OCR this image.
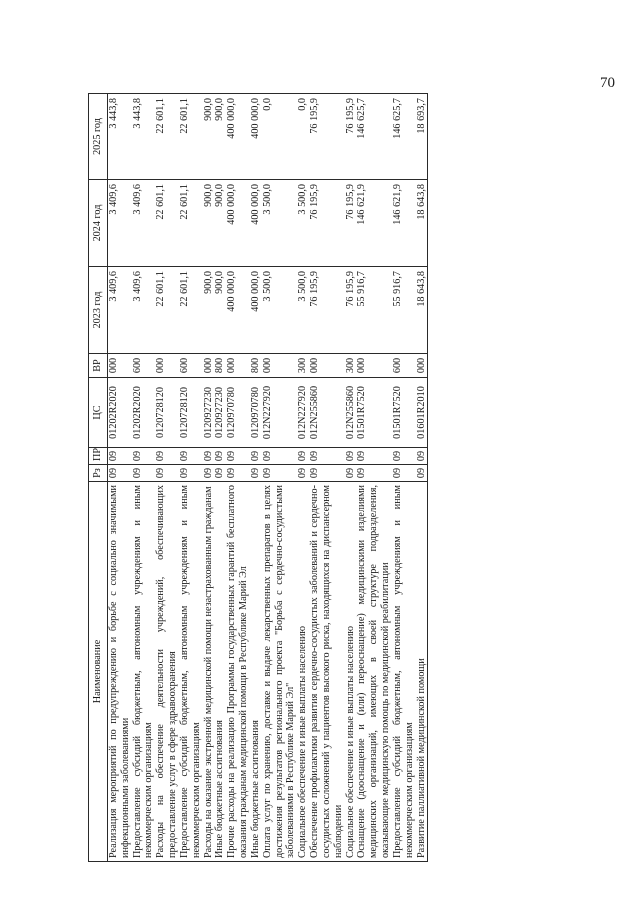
70
Наименование	Рз	ПР	ЦС	ВР	2023 год	2024 год	2025 год
Реализация мероприятий по предупреждению и борьбе с социально значимыми инфекционными заболеваниями	09	09	01202R2020	000	3 409,6	3 409,6	3 443,8
Предоставление субсидий бюджетным, автономным учреждениям и иным некоммерческим организациям	09	09	01202R2020	600	3 409,6	3 409,6	3 443,8
Расходы на обеспечение деятельности учреждений, обеспечивающих предоставление услуг в сфере здравоохранения	09	09	0120728120	000	22 601,1	22 601,1	22 601,1
Предоставление субсидий бюджетным, автономным учреждениям и иным некоммерческим организациям	09	09	0120728120	600	22 601,1	22 601,1	22 601,1
Расходы на оказание экстренной медицинской помощи незастрахованным гражданам	09	09	0120927230	000	900,0	900,0	900,0
Иные бюджетные ассигнования	09	09	0120927230	800	900,0	900,0	900,0
Прочие расходы на реализацию Программы государственных гарантий бесплатного оказания гражданам медицинской помощи в Республике Марий Эл	09	09	0120970780	000	400 000,0	400 000,0	400 000,0
Иные бюджетные ассигнования	09	09	0120970780	800	400 000,0	400 000,0	400 000,0
Оплата услуг по хранению, доставке и выдаче лекарственных препаратов в целях достижения результатов регионального проекта "Борьба с сердечно-сосудистыми заболеваниями в Республике Марий Эл"	09	09	012N227920	000	3 500,0	3 500,0	0,0
Социальное обеспечение и иные выплаты населению	09	09	012N227920	300	3 500,0	3 500,0	0,0
Обеспечение профилактики развития сердечно-сосудистых заболеваний и сердечно-сосудистых осложнений у пациентов высокого риска, находящихся на диспансерном наблюдении	09	09	012N255860	000	76 195,9	76 195,9	76 195,9
Социальное обеспечение и иные выплаты населению	09	09	012N255860	300	76 195,9	76 195,9	76 195,9
Оснащение (дооснащение и (или) переоснащение) медицинскими изделиями медицинских организаций, имеющих в своей структуре подразделения, оказывающие медицинскую помощь по медицинской реабилитации	09	09	01501R7520	000	55 916,7	146 621,9	146 625,7
Предоставление субсидий бюджетным, автономным учреждениям и иным некоммерческим организациям	09	09	01501R7520	600	55 916,7	146 621,9	146 625,7
Развитие паллиативной медицинской помощи	09	09	01601R2010	000	18 643,8	18 643,8	18 693,7
